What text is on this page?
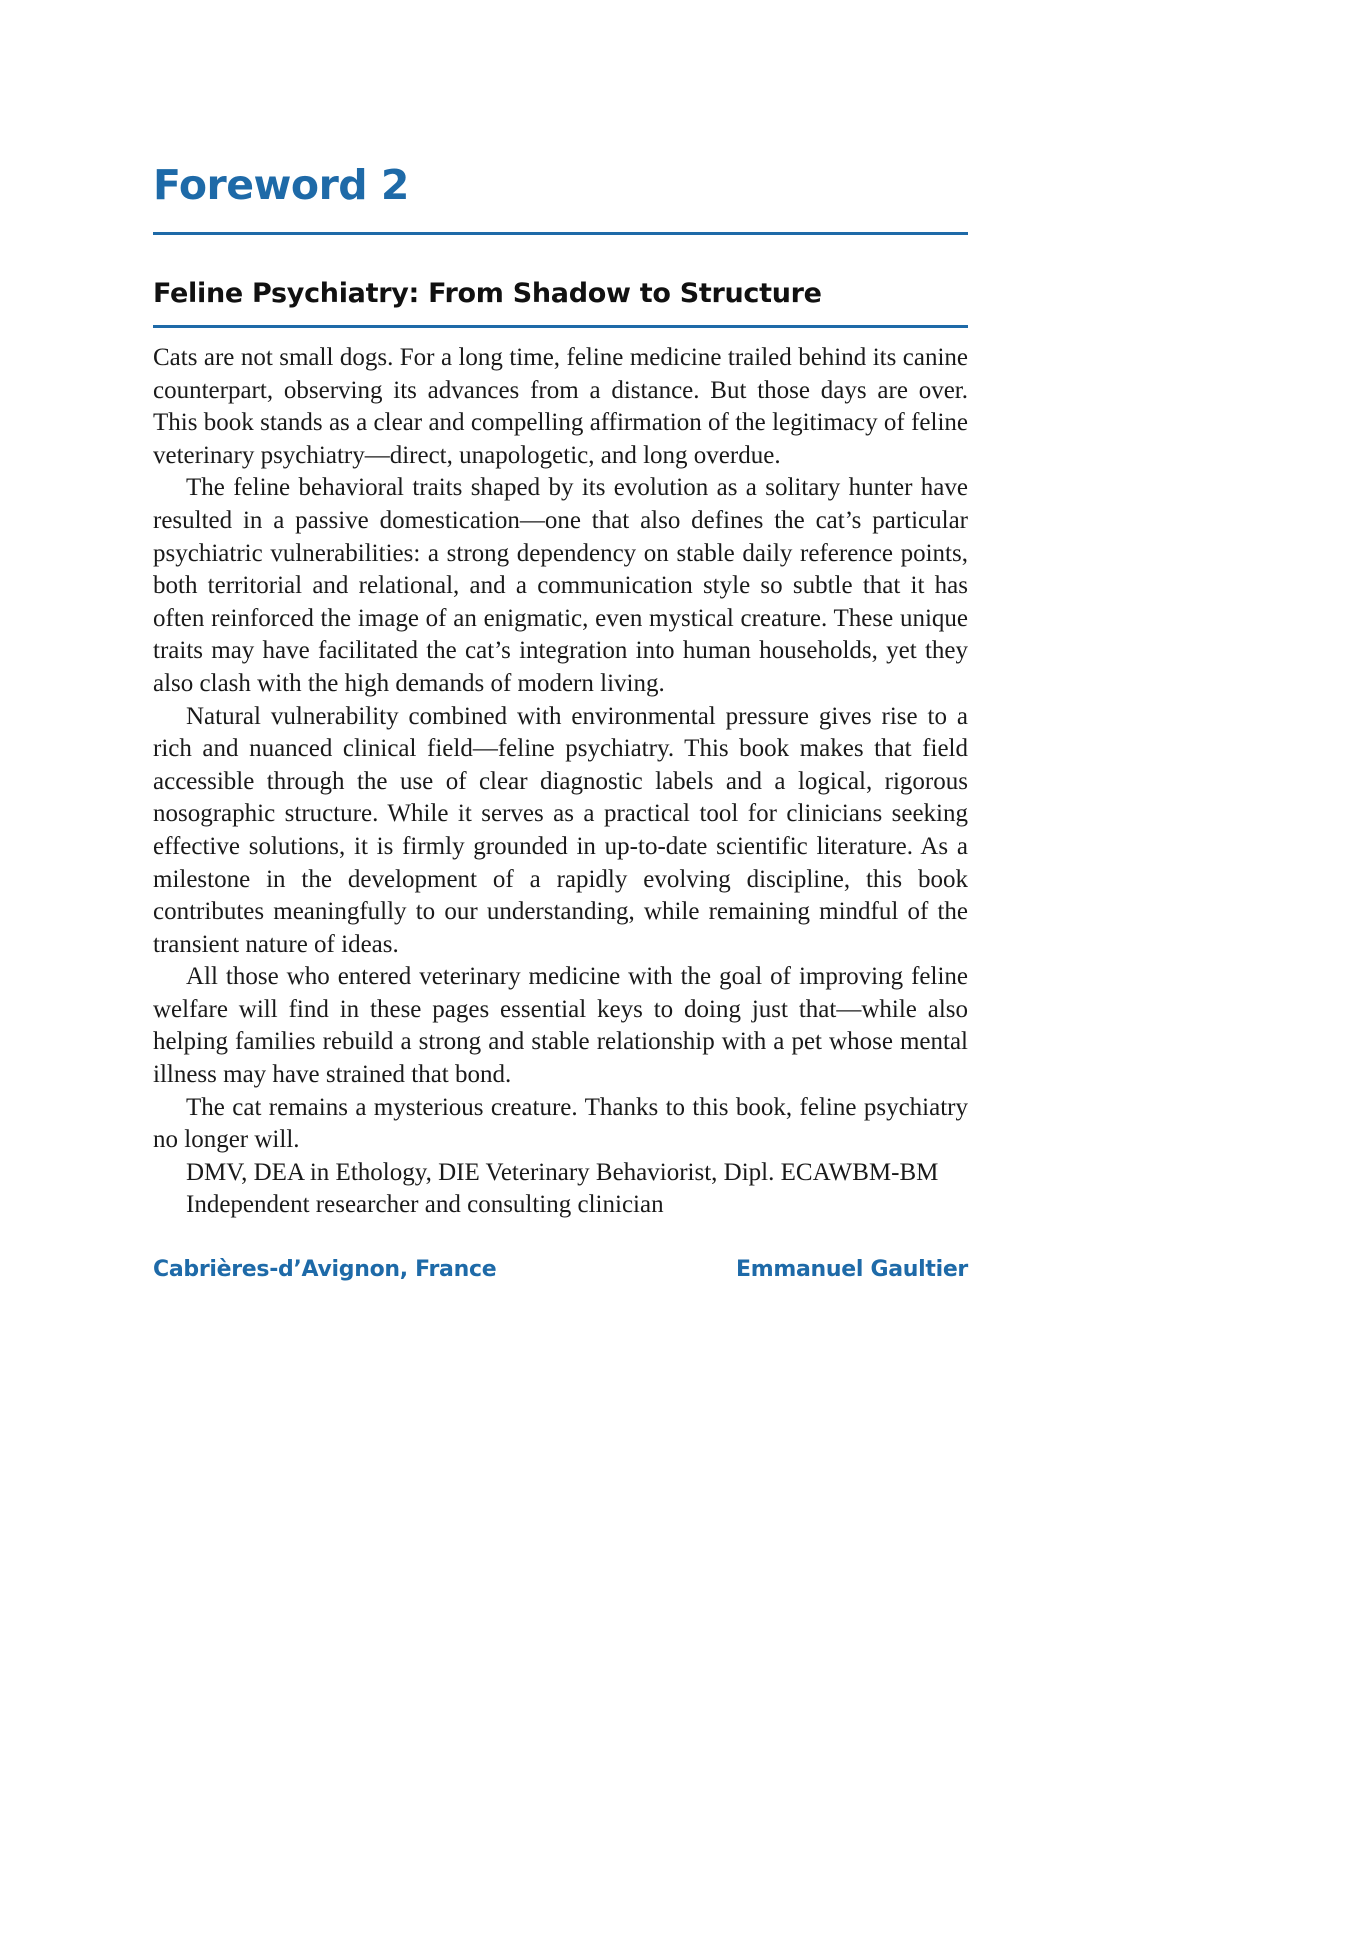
Foreword 2
Feline Psychiatry: From Shadow to Structure

Cats are not small dogs. For a long time, feline medicine trailed behind its canine counterpart, observing its advances from a distance. But those days are over. This book stands as a clear and compelling affirmation of the legitimacy of feline veterinary psychiatry—direct, unapologetic, and long overdue.

The feline behavioral traits shaped by its evolution as a solitary hunter have resulted in a passive domestication—one that also defines the cat’s particular psychiatric vulnerabilities: a strong dependency on stable daily reference points, both territorial and relational, and a communication style so subtle that it has often reinforced the image of an enigmatic, even mystical creature. These unique traits may have facilitated the cat’s integration into human households, yet they also clash with the high demands of modern living.

Natural vulnerability combined with environmental pressure gives rise to a rich and nuanced clinical field—feline psychiatry. This book makes that field accessible through the use of clear diagnostic labels and a logical, rigorous nosographic structure. While it serves as a practical tool for clinicians seeking effective solutions, it is firmly grounded in up-to-date scientific literature. As a milestone in the development of a rapidly evolving discipline, this book contributes meaningfully to our understanding, while remaining mindful of the transient nature of ideas.

All those who entered veterinary medicine with the goal of improving feline welfare will find in these pages essential keys to doing just that—while also helping families rebuild a strong and stable relationship with a pet whose mental illness may have strained that bond.

The cat remains a mysterious creature. Thanks to this book, feline psychiatry no longer will.

DMV, DEA in Ethology, DIE Veterinary Behaviorist, Dipl. ECAWBM-BM

Independent researcher and consulting clinician

Cabrières-d’Avignon, France	Emmanuel Gaultier
